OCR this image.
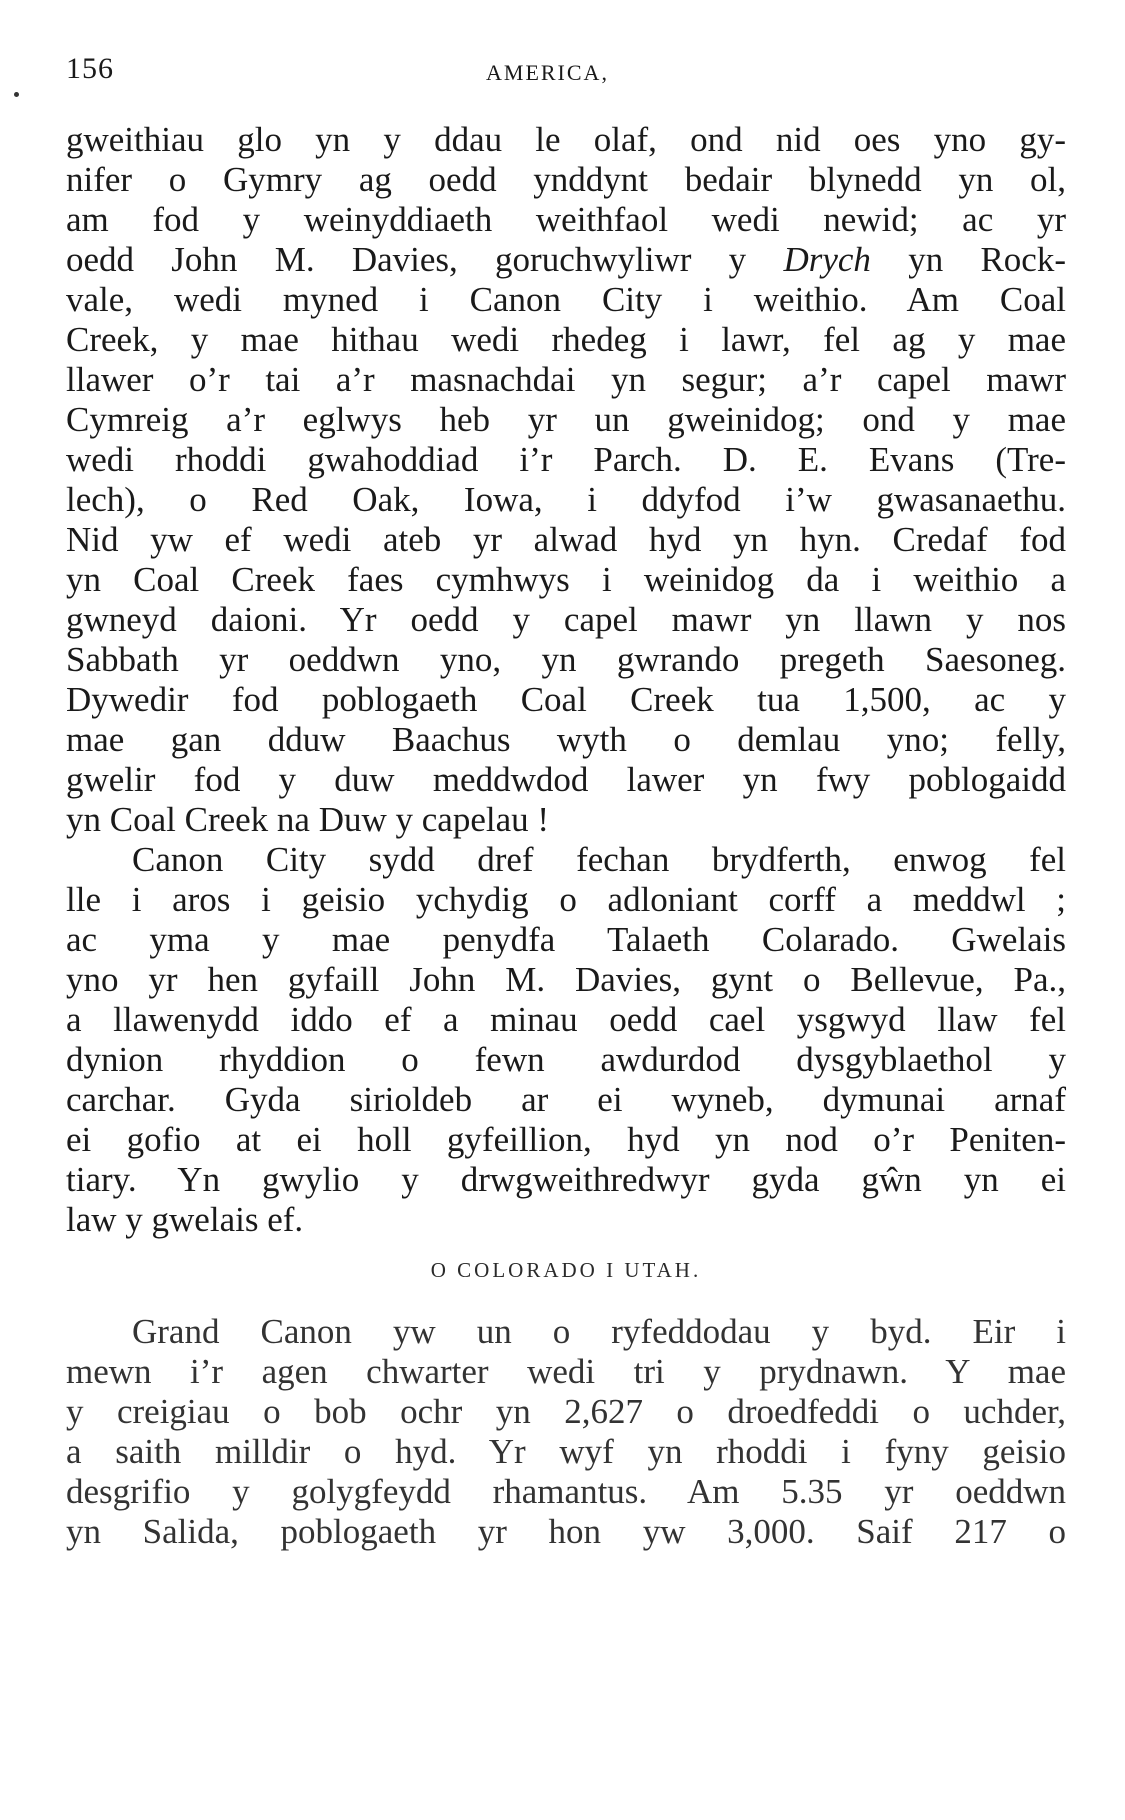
156	AMERICA,
gweithiau glo yn y ddau le olaf, ond nid oes yno gy-
nifer o Gymry ag oedd ynddynt bedair blynedd yn ol,
am fod y weinyddiaeth weithfaol wedi newid; ac yr
oedd John M. Davies, goruchwyliwr y Drych yn Rock-
vale, wedi myned i Canon City i weithio. Am Coal
Creek, y mae hithau wedi rhedeg i lawr, fel ag y mae
llawer o’r tai a’r masnachdai yn segur; a’r capel mawr
Cymreig a’r eglwys heb yr un gweinidog; ond y mae
wedi rhoddi gwahoddiad i’r Parch. D. E. Evans (Tre-
lech), o Red Oak, Iowa, i ddyfod i’w gwasanaethu.
Nid yw ef wedi ateb yr alwad hyd yn hyn. Credaf fod
yn Coal Creek faes cymhwys i weinidog da i weithio a
gwneyd daioni. Yr oedd y capel mawr yn llawn y nos
Sabbath yr oeddwn yno, yn gwrando pregeth Saesoneg.
Dywedir fod poblogaeth Coal Creek tua 1,500, ac y
mae gan dduw Baachus wyth o demlau yno; felly,
gwelir fod y duw meddwdod lawer yn fwy poblogaidd
yn Coal Creek na Duw y capelau !
Canon City sydd dref fechan brydferth, enwog fel
lle i aros i geisio ychydig o adloniant corff a meddwl ;
ac yma y mae penydfa Talaeth Colarado. Gwelais
yno yr hen gyfaill John M. Davies, gynt o Bellevue, Pa.,
a llawenydd iddo ef a minau oedd cael ysgwyd llaw fel
dynion rhyddion o fewn awdurdod dysgyblaethol y
carchar. Gyda sirioldeb ar ei wyneb, dymunai arnaf
ei gofio at ei holl gyfeillion, hyd yn nod o’r Peniten-
tiary. Yn gwylio y drwgweithredwyr gyda gŵn yn ei
law y gwelais ef.
O COLORADO I UTAH.
Grand Canon yw un o ryfeddodau y byd. Eir i
mewn i’r agen chwarter wedi tri y prydnawn. Y mae
y creigiau o bob ochr yn 2,627 o droedfeddi o uchder,
a saith milldir o hyd. Yr wyf yn rhoddi i fyny geisio
desgrifio y golygfeydd rhamantus. Am 5.35 yr oeddwn
yn Salida, poblogaeth yr hon yw 3,000. Saif 217 o
